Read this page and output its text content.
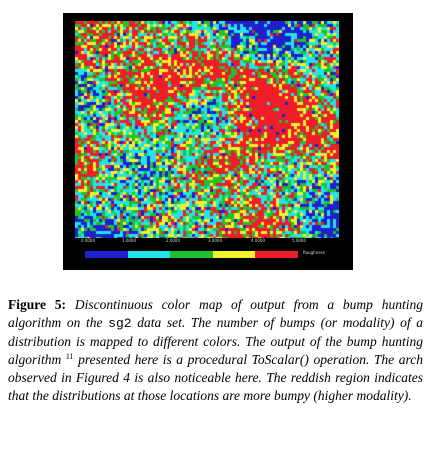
0.0000	1.0000	2.0000	3.0000	4.0000	5.0000
Roughness
Figure 5: Discontinuous color map of output from a bump hunting algorithm on the sg2 data set. The number of bumps (or modality) of a distribution is mapped to different colors. The output of the bump hunting algorithm $^{11}$ presented here is a procedural ToScalar() operation. The arch observed in Figured 4 is also noticeable here. The reddish region indicates that the distributions at those locations are more bumpy (higher modality).
